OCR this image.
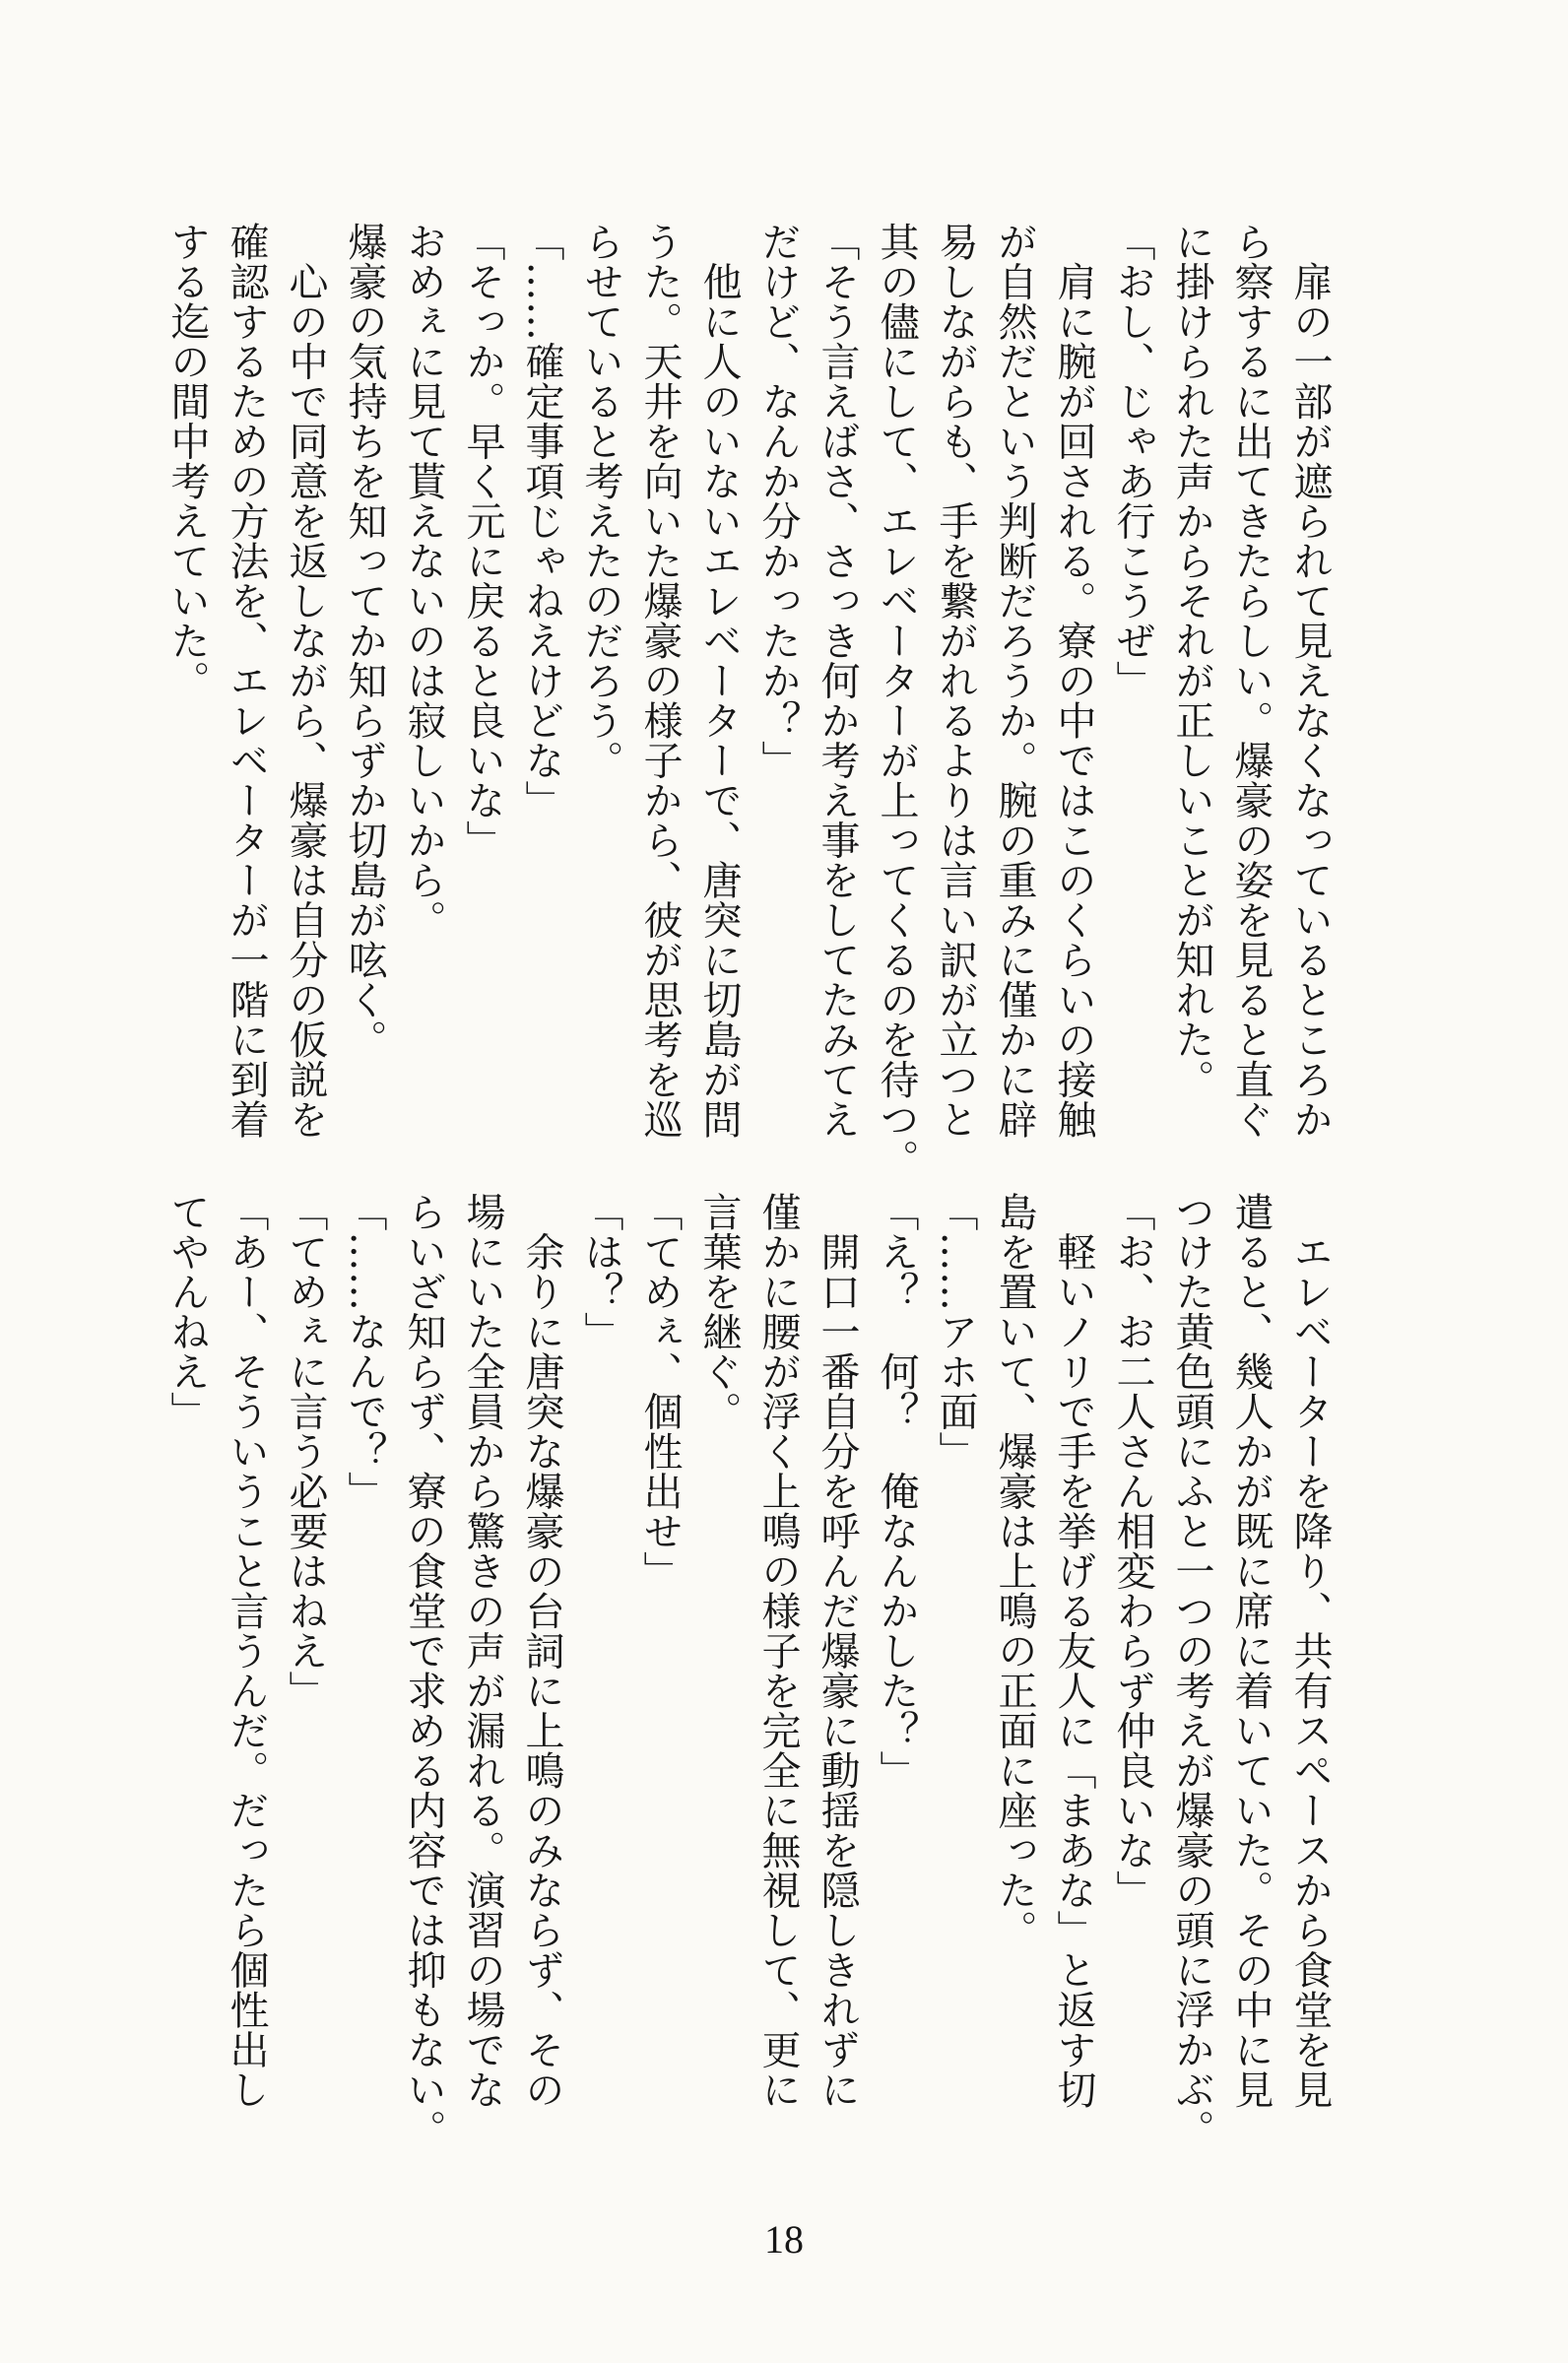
　扉の一部が遮られて見えなくなっているところか
ら察するに出てきたらしい。爆豪の姿を見ると直ぐ
に掛けられた声からそれが正しいことが知れた。
「おし、じゃあ行こうぜ」
　肩に腕が回される。寮の中ではこのくらいの接触
が自然だという判断だろうか。腕の重みに僅かに辟
易しながらも、手を繋がれるよりは言い訳が立つと
其の儘にして、エレベーターが上ってくるのを待つ。
「そう言えばさ、さっき何か考え事をしてたみてえ
だけど、なんか分かったか？」
　他に人のいないエレベーターで、唐突に切島が問
うた。天井を向いた爆豪の様子から、彼が思考を巡
らせていると考えたのだろう。
「……確定事項じゃねえけどな」
「そっか。早く元に戻ると良いな」
おめぇに見て貰えないのは寂しいから。
爆豪の気持ちを知ってか知らずか切島が呟く。
　心の中で同意を返しながら、爆豪は自分の仮説を
確認するための方法を、エレベーターが一階に到着
する迄の間中考えていた。
　エレベーターを降り、共有スペースから食堂を見
遣ると、幾人かが既に席に着いていた。その中に見
つけた黄色頭にふと一つの考えが爆豪の頭に浮かぶ。
「お、お二人さん相変わらず仲良いな」
　軽いノリで手を挙げる友人に「まあな」と返す切
島を置いて、爆豪は上鳴の正面に座った。
「……アホ面」
「え？　何？　俺なんかした？」
　開口一番自分を呼んだ爆豪に動揺を隠しきれずに
僅かに腰が浮く上鳴の様子を完全に無視して、更に
言葉を継ぐ。
「てめぇ、個性出せ」
「は？」
　余りに唐突な爆豪の台詞に上鳴のみならず、その
場にいた全員から驚きの声が漏れる。演習の場でな
らいざ知らず、寮の食堂で求める内容では抑もない。
「……なんで？」
「てめぇに言う必要はねえ」
「あー、そういうこと言うんだ。だったら個性出し
てやんねえ」
18
